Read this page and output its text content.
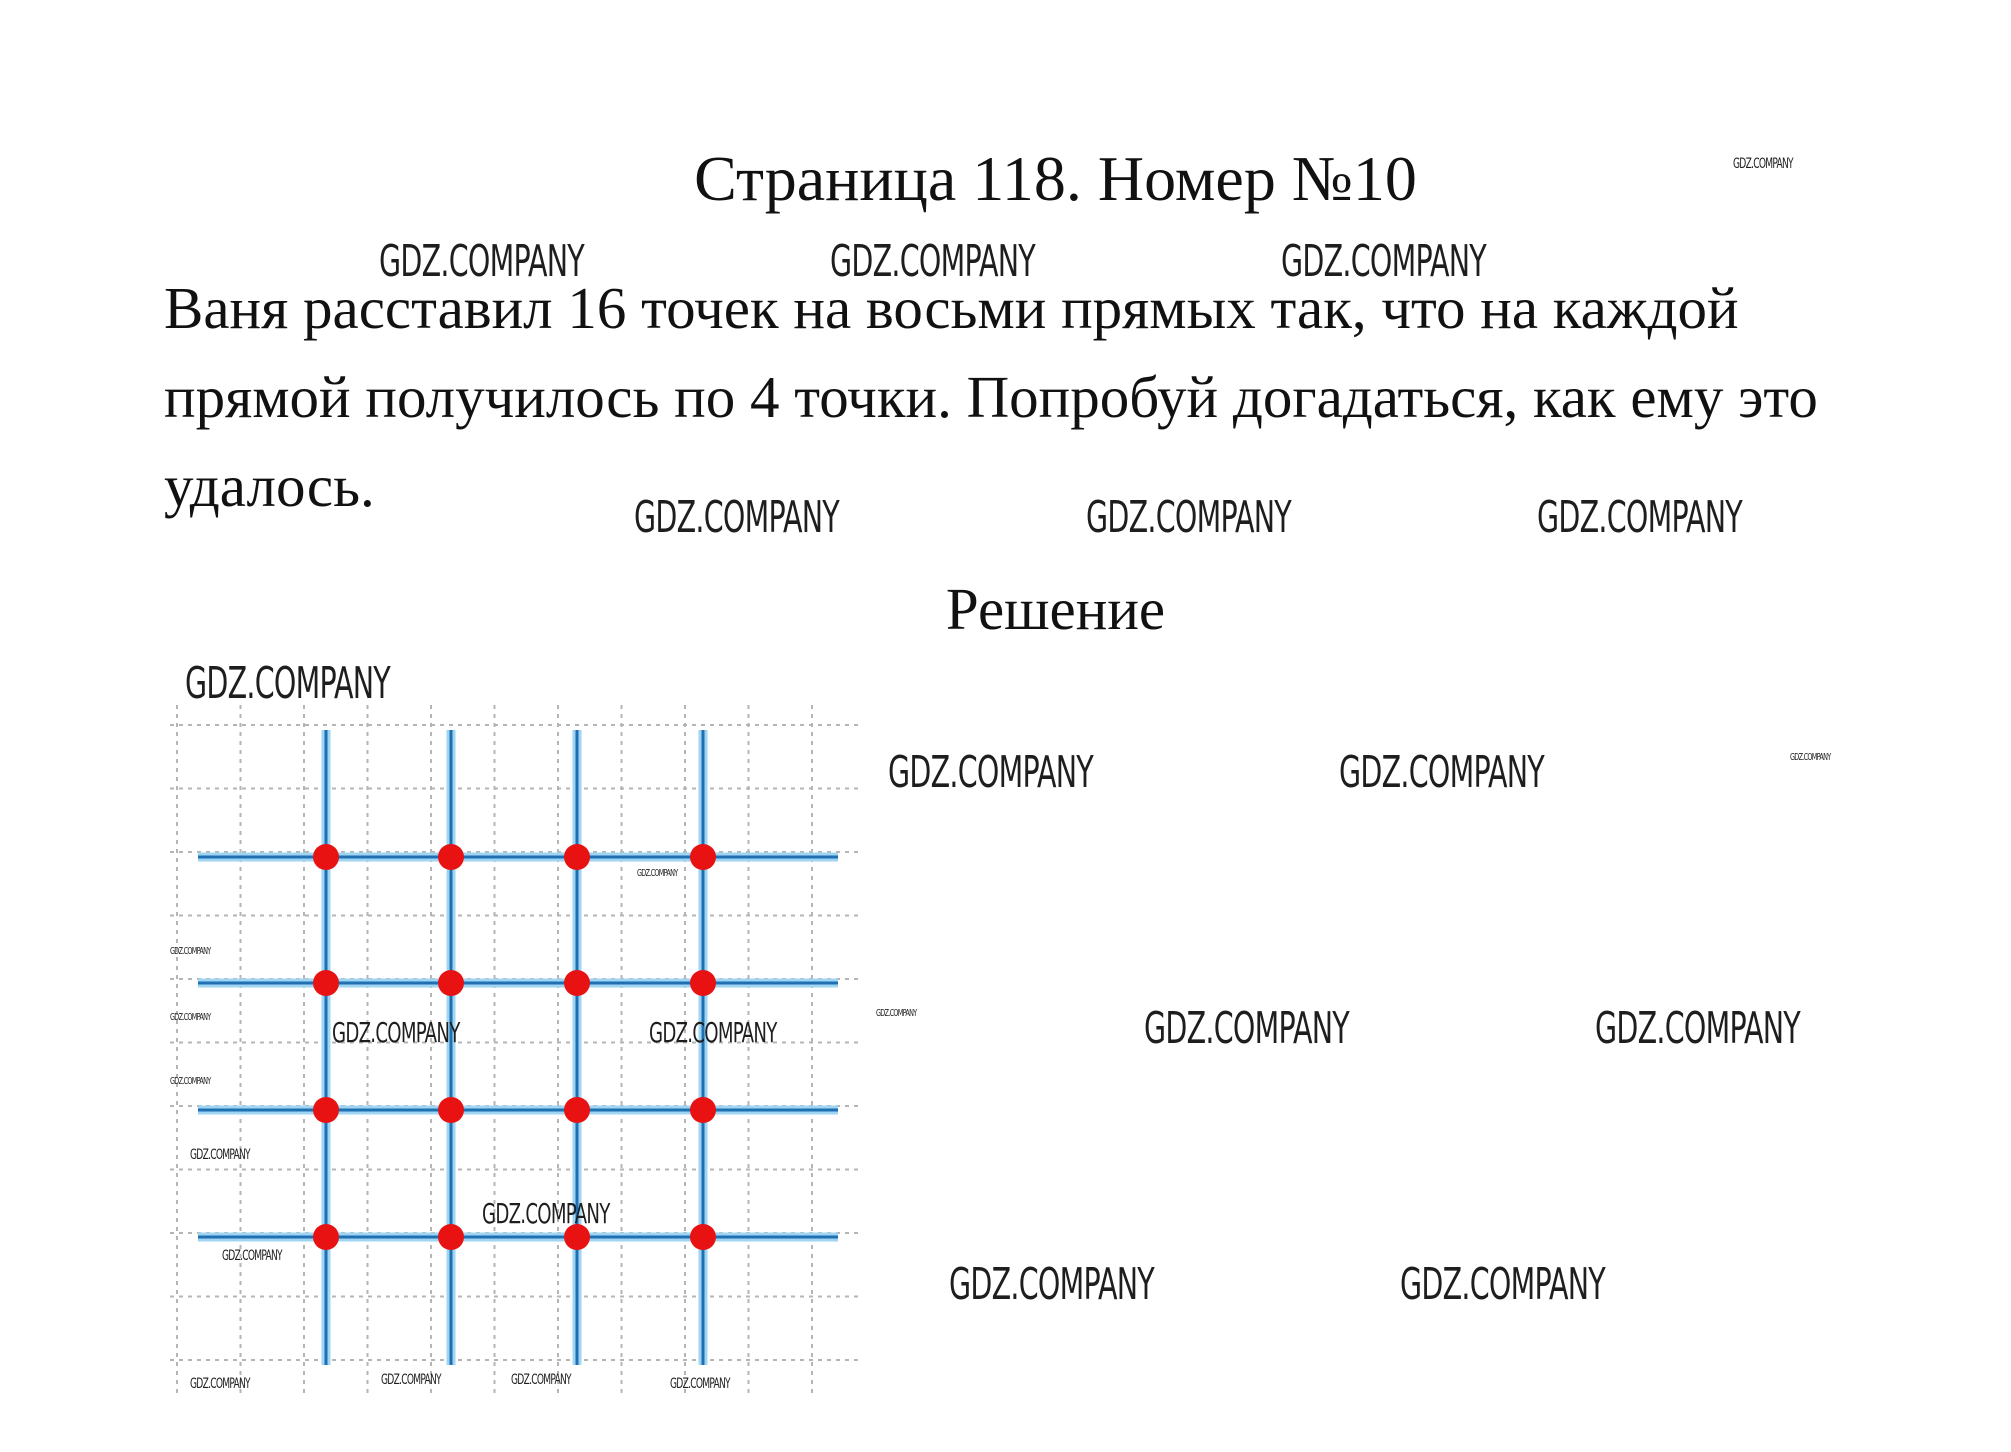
Страница 118. Номер №10
Ваня расставил 16 точек на восьми прямых так, что на каждой
прямой получилось по 4 точки. Попробуй догадаться, как ему это
удалось.
Решение
GDZ.COMPANY
GDZ.COMPANY	GDZ.COMPANY	GDZ.COMPANY
GDZ.COMPANY	GDZ.COMPANY	GDZ.COMPANY
GDZ.COMPANY
GDZ.COMPANY	GDZ.COMPANY	GDZ.COMPANY
GDZ.COMPANY
GDZ.COMPANY
GDZ.COMPANY	GDZ.COMPANY
GDZ.COMPANY	GDZ.COMPANY	GDZ.COMPANY	GDZ.COMPANY
GDZ.COMPANY
GDZ.COMPANY
GDZ.COMPANY
GDZ.COMPANY
GDZ.COMPANY	GDZ.COMPANY
GDZ.COMPANY	GDZ.COMPANY	GDZ.COMPANY	GDZ.COMPANY
